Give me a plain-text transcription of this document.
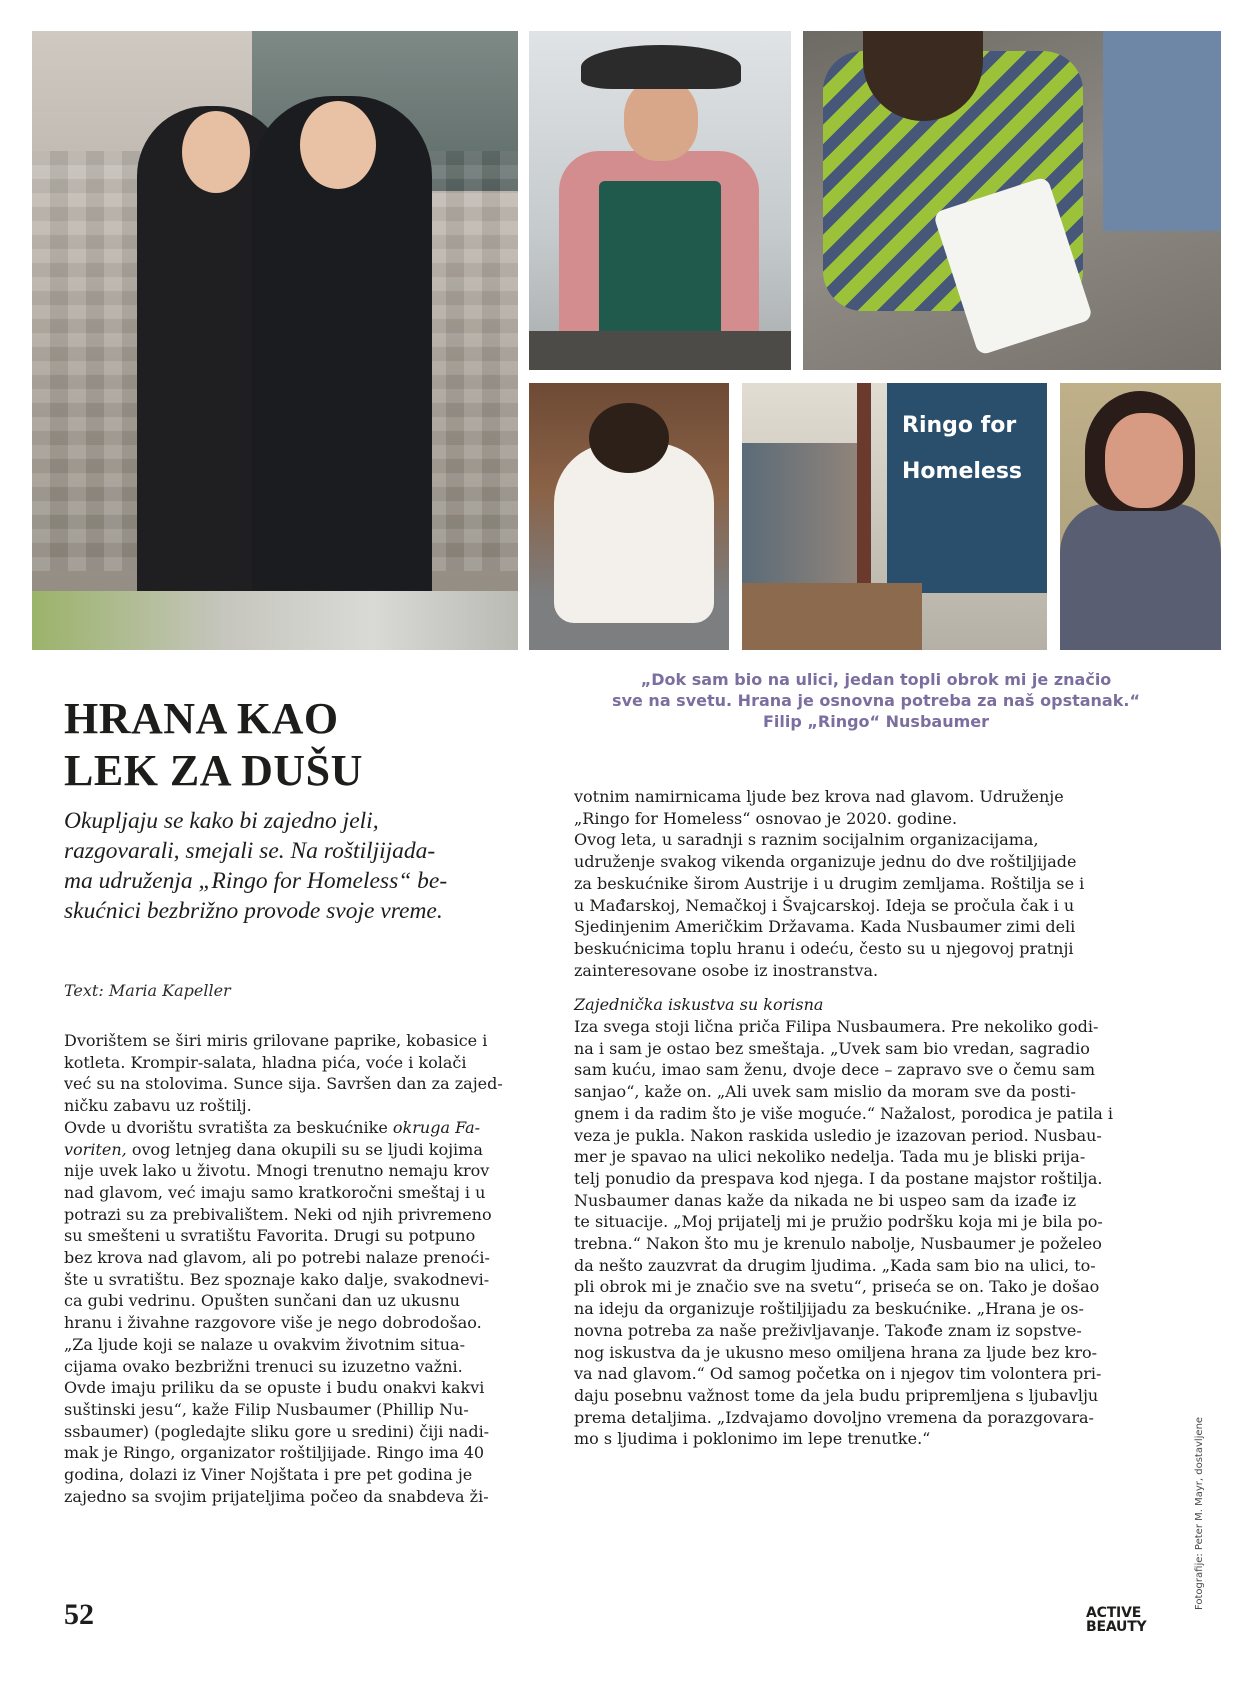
Ringo for
Homeless
„Dok sam bio na ulici, jedan topli obrok mi je značio
sve na svetu. Hrana je osnovna potreba za naš opstanak.“
Filip „Ringo“ Nusbaumer
HRANA KAO
LEK ZA DUŠU
Okupljaju se kako bi zajedno jeli,
razgovarali, smejali se. Na roštiljijada-
ma udruženja „Ringo for Homeless“ be-
skućnici bezbrižno provode svoje vreme.
Text: Maria Kapeller
Dvorištem se širi miris grilovane paprike, kobasice i
kotleta. Krompir-salata, hladna pića, voće i kolači
već su na stolovima. Sunce sija. Savršen dan za zajed-
ničku zabavu uz roštilj.
Ovde u dvorištu svratišta za beskućnike okruga Fa-
voriten, ovog letnjeg dana okupili su se ljudi kojima
nije uvek lako u životu. Mnogi trenutno nemaju krov
nad glavom, već imaju samo kratkoročni smeštaj i u
potrazi su za prebivalištem. Neki od njih privremeno
su smešteni u svratištu Favorita. Drugi su potpuno
bez krova nad glavom, ali po potrebi nalaze prenoći-
šte u svratištu. Bez spoznaje kako dalje, svakodnevi-
ca gubi vedrinu. Opušten sunčani dan uz ukusnu
hranu i živahne razgovore više je nego dobrodošao.
„Za ljude koji se nalaze u ovakvim životnim situa-
cijama ovako bezbrižni trenuci su izuzetno važni.
Ovde imaju priliku da se opuste i budu onakvi kakvi
suštinski jesu“, kaže Filip Nusbaumer (Phillip Nu-
ssbaumer) (pogledajte sliku gore u sredini) čiji nadi-
mak je Ringo, organizator roštiljijade. Ringo ima 40
godina, dolazi iz Viner Nojštata i pre pet godina je
zajedno sa svojim prijateljima počeo da snabdeva ži-
votnim namirnicama ljude bez krova nad glavom. Udruženje
„Ringo for Homeless“ osnovao je 2020. godine.
Ovog leta, u saradnji s raznim socijalnim organizacijama,
udruženje svakog vikenda organizuje jednu do dve roštiljijade
za beskućnike širom Austrije i u drugim zemljama. Roštilja se i
u Mađarskoj, Nemačkoj i Švajcarskoj. Ideja se pročula čak i u
Sjedinjenim Američkim Državama. Kada Nusbaumer zimi deli
beskućnicima toplu hranu i odeću, često su u njegovoj pratnji
zainteresovane osobe iz inostranstva.
Zajednička iskustva su korisna
Iza svega stoji lična priča Filipa Nusbaumera. Pre nekoliko godi-
na i sam je ostao bez smeštaja. „Uvek sam bio vredan, sagradio
sam kuću, imao sam ženu, dvoje dece – zapravo sve o čemu sam
sanjao“, kaže on. „Ali uvek sam mislio da moram sve da posti-
gnem i da radim što je više moguće.“ Nažalost, porodica je patila i
veza je pukla. Nakon raskida usledio je izazovan period. Nusbau-
mer je spavao na ulici nekoliko nedelja. Tada mu je bliski prija-
telj ponudio da prespava kod njega. I da postane majstor roštilja.
Nusbaumer danas kaže da nikada ne bi uspeo sam da izađe iz
te situacije. „Moj prijatelj mi je pružio podršku koja mi je bila po-
trebna.“ Nakon što mu je krenulo nabolje, Nusbaumer je poželeo
da nešto zauzvrat da drugim ljudima. „Kada sam bio na ulici, to-
pli obrok mi je značio sve na svetu“, priseća se on. Tako je došao
na ideju da organizuje roštiljijadu za beskućnike. „Hrana je os-
novna potreba za naše preživljavanje. Takođe znam iz sopstve-
nog iskustva da je ukusno meso omiljena hrana za ljude bez kro-
va nad glavom.“ Od samog početka on i njegov tim volontera pri-
daju posebnu važnost tome da jela budu pripremljena s ljubavlju
prema detaljima. „Izdvajamo dovoljno vremena da porazgovara-
mo s ljudima i poklonimo im lepe trenutke.“	Fotografije: Peter M. Mayr, dostavljene
52	ACTIVE
BEAUTY
